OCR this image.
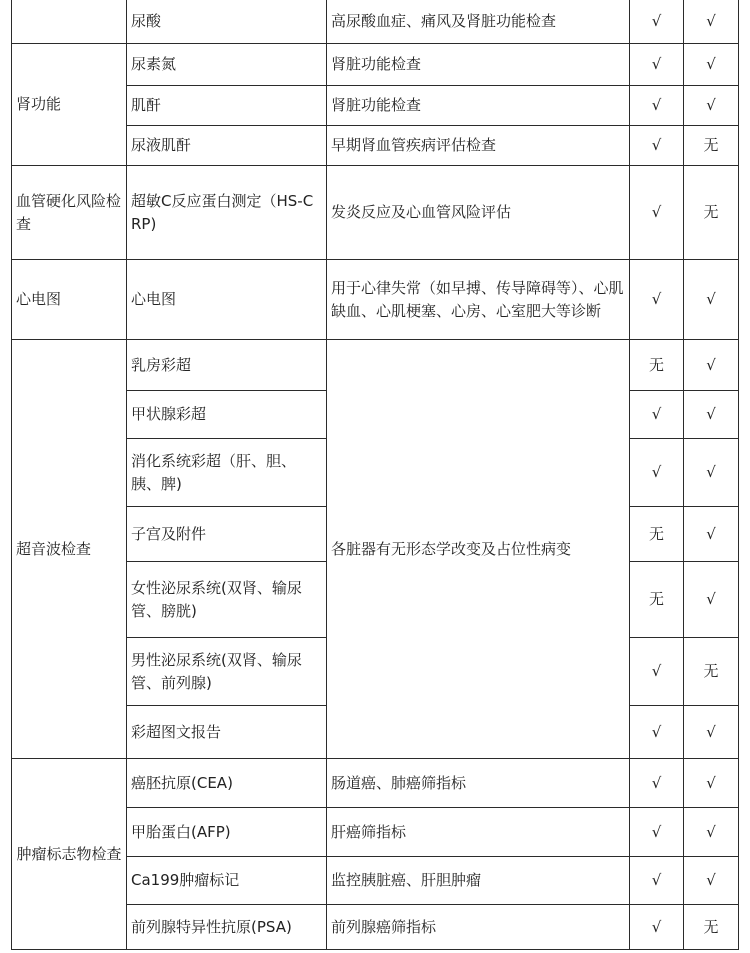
	尿酸	高尿酸血症、痛风及肾脏功能检查	√	√
肾功能	尿素氮	肾脏功能检查	√	√
	肌酐	肾脏功能检查	√	√
	尿液肌酐	早期肾血管疾病评估检查	√	无
血管硬化风险检查	超敏C反应蛋白测定（HS-CRP)	发炎反应及心血管风险评估	√	无
心电图	心电图	用于心律失常（如早搏、传导障碍等）、心肌缺血、心肌梗塞、心房、心室肥大等诊断	√	√
超音波检查	乳房彩超	各脏器有无形态学改变及占位性病变	无	√
	甲状腺彩超		√	√
	消化系统彩超（肝、胆、胰、脾)		√	√
	子宫及附件		无	√
	女性泌尿系统(双肾、输尿管、膀胱)		无	√
	男性泌尿系统(双肾、输尿管、前列腺)		√	无
	彩超图文报告		√	√
肿瘤标志物检查	癌胚抗原(CEA)	肠道癌、肺癌筛指标	√	√
	甲胎蛋白(AFP)	肝癌筛指标	√	√
	Ca199肿瘤标记	监控胰脏癌、肝胆肿瘤	√	√
	前列腺特异性抗原(PSA)	前列腺癌筛指标	√	无
